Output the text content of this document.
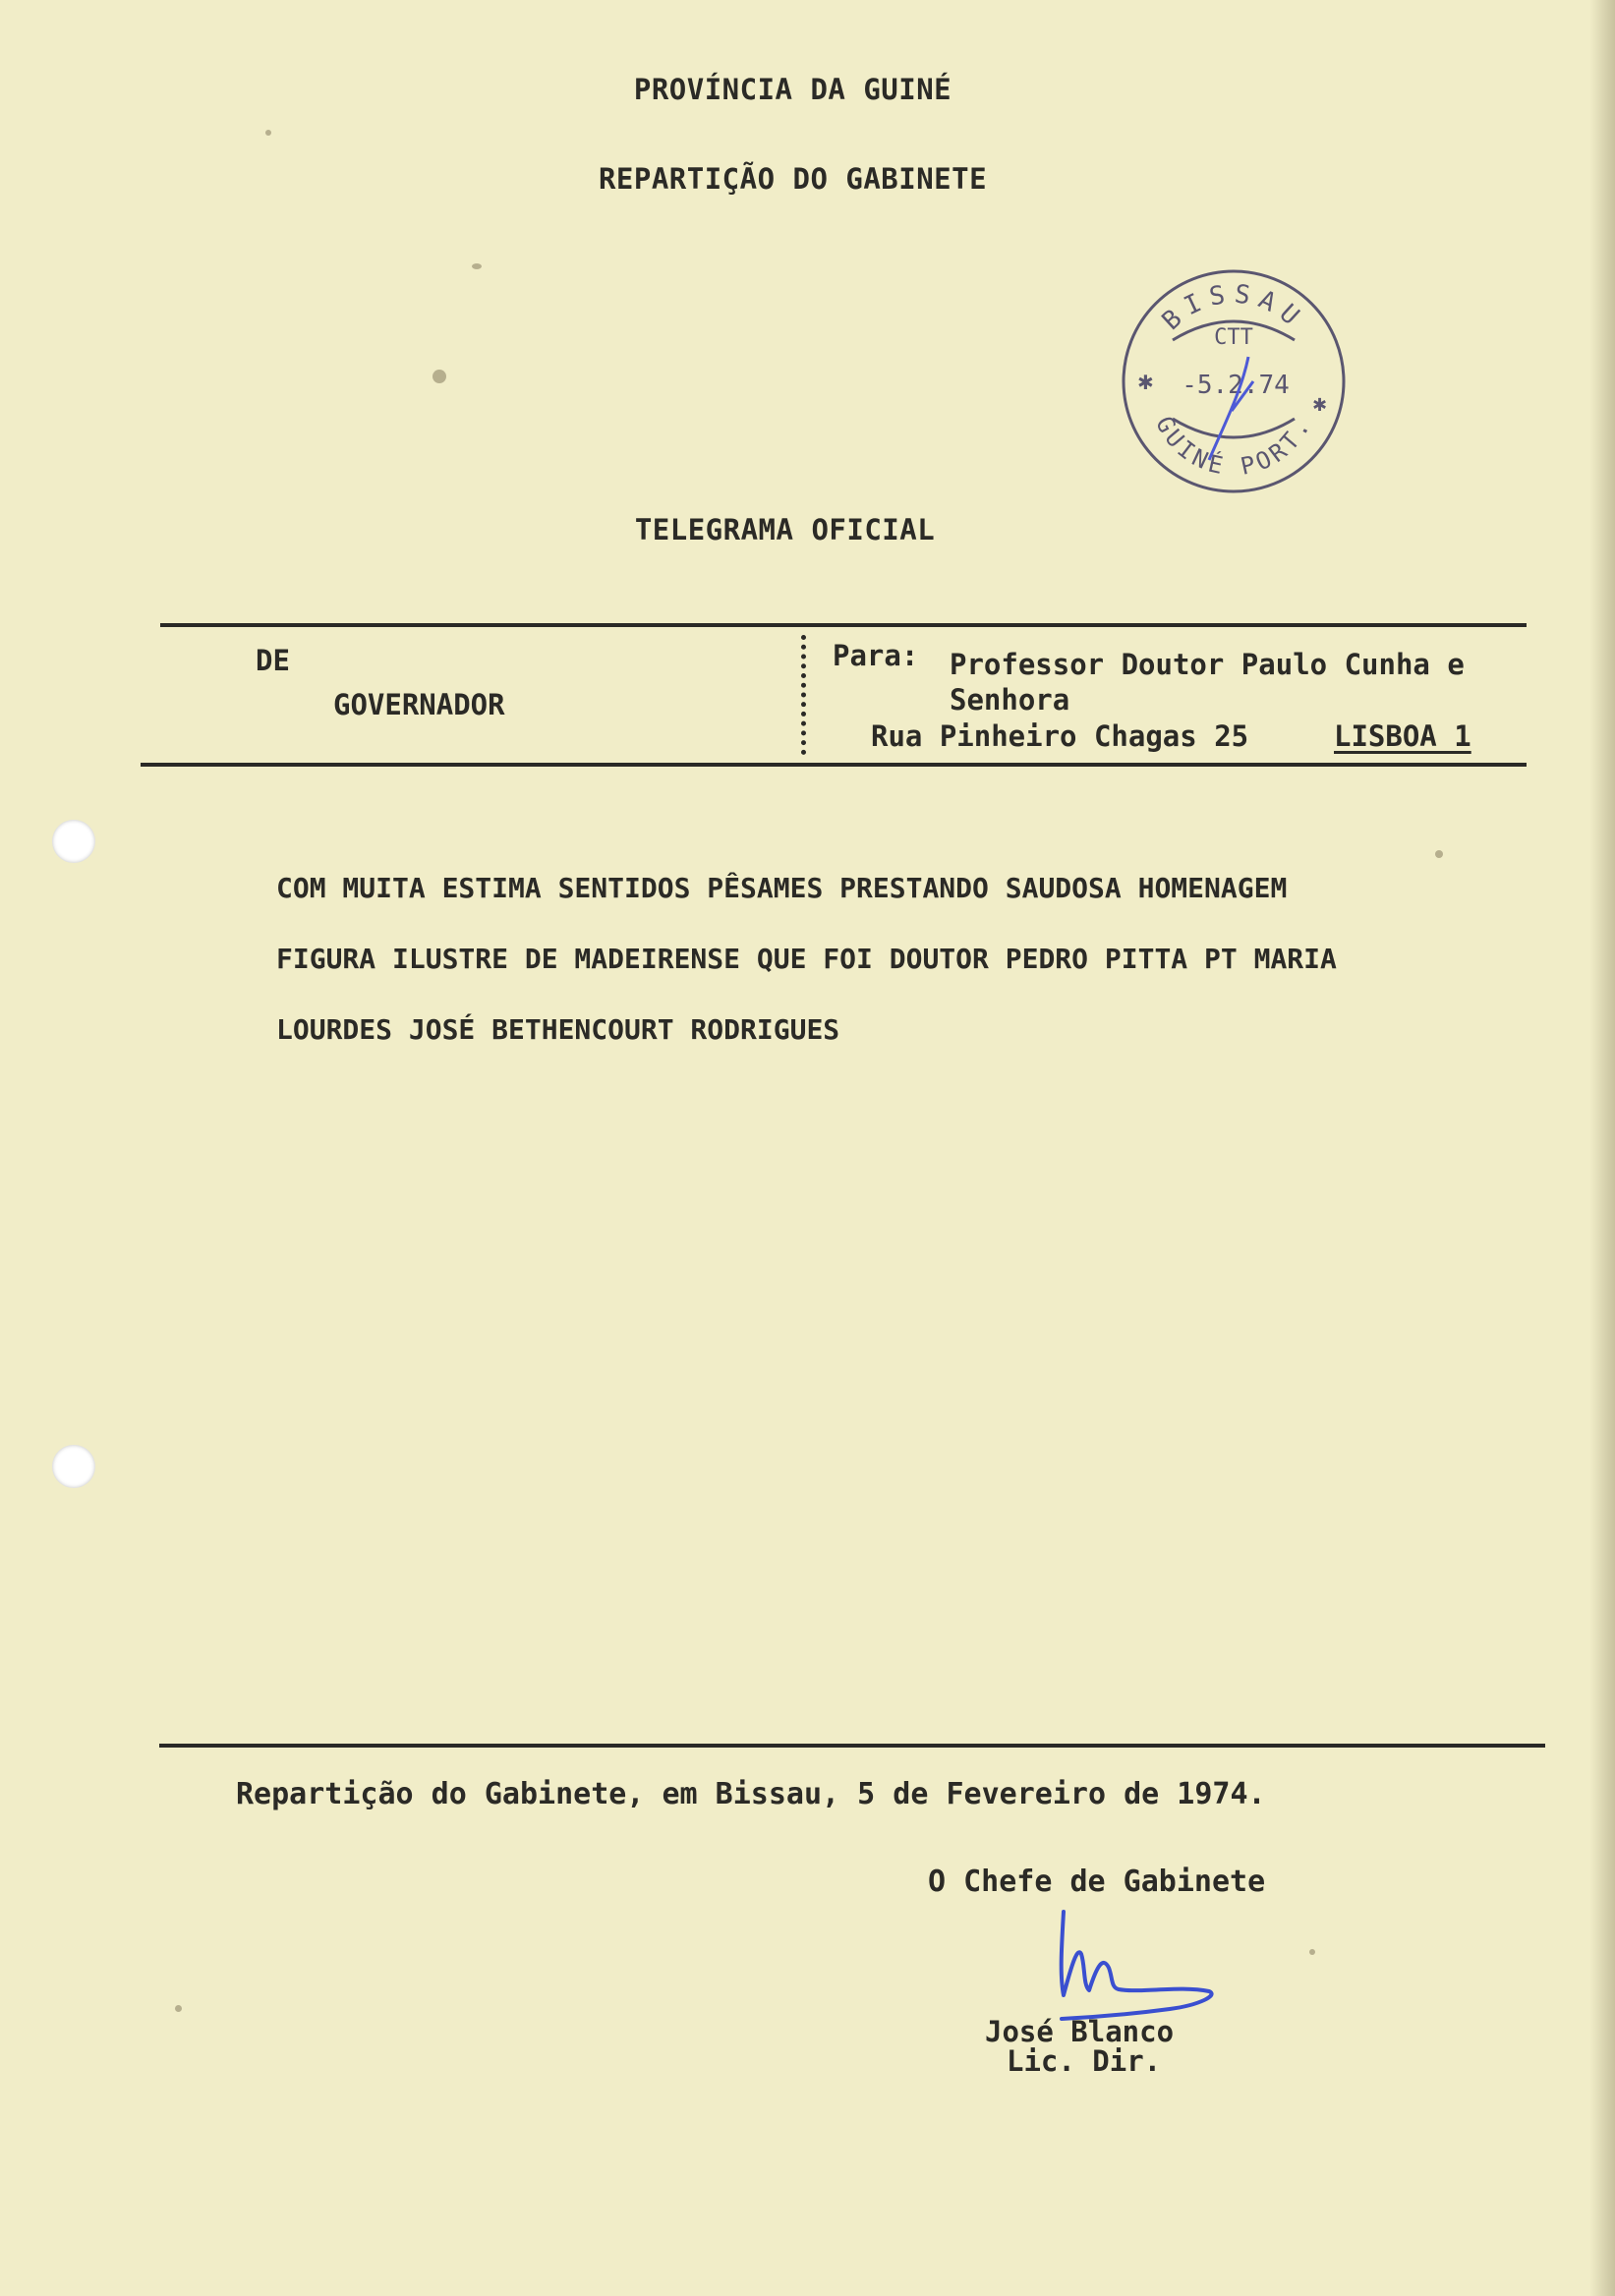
PROVÍNCIA DA GUINÉ
REPARTIÇÃO DO GABINETE
BISSAU
CTT
-5.2.74
✱
✱
GUINÉ PORT.
TELEGRAMA OFICIAL
DE
GOVERNADOR
Para: Professor Doutor Paulo Cunha e
Senhora
Rua Pinheiro Chagas 25	LISBOA 1
COM MUITA ESTIMA SENTIDOS PÊSAMES PRESTANDO SAUDOSA HOMENAGEM
FIGURA ILUSTRE DE MADEIRENSE QUE FOI DOUTOR PEDRO PITTA PT MARIA
LOURDES JOSÉ BETHENCOURT RODRIGUES
Repartição do Gabinete, em Bissau, 5 de Fevereiro de 1974.
O Chefe de Gabinete
José Blanco
Lic. Dir.
